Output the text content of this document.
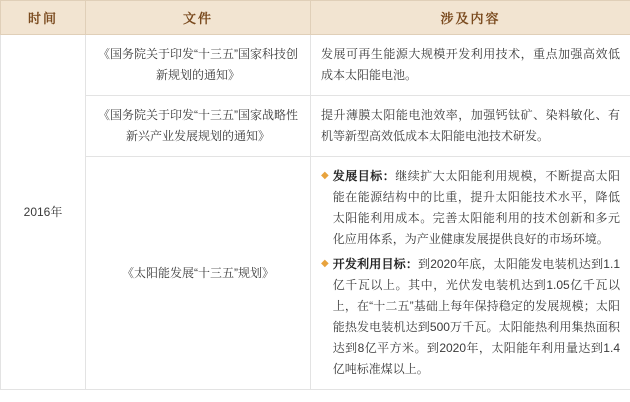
时间	文件	涉及内容
2016年	《国务院关于印发“十三五”国家科技创新规划的通知》	发展可再生能源大规模开发利用技术，重点加强高效低成本太阳能电池。

	《国务院关于印发“十三五”国家战略性新兴产业发展规划的通知》	提升薄膜太阳能电池效率，加强钙钛矿、染料敏化、有机等新型高效低成本太阳能电池技术研发。

	《太阳能发展“十三五”规划》	◆ 发展目标：继续扩大太阳能利用规模，不断提高太阳能在能源结构中的比重，提升太阳能技术水平，降低太阳能利用成本。完善太阳能利用的技术创新和多元化应用体系，为产业健康发展提供良好的市场环境。
◆ 开发利用目标：到2020年底，太阳能发电装机达到1.1亿千瓦以上。其中，光伏发电装机达到1.05亿千瓦以上，在“十二五”基础上每年保持稳定的发展规模；太阳能热发电装机达到500万千瓦。太阳能热利用集热面积达到8亿平方米。到2020年，太阳能年利用量达到1.4亿吨标准煤以上。
